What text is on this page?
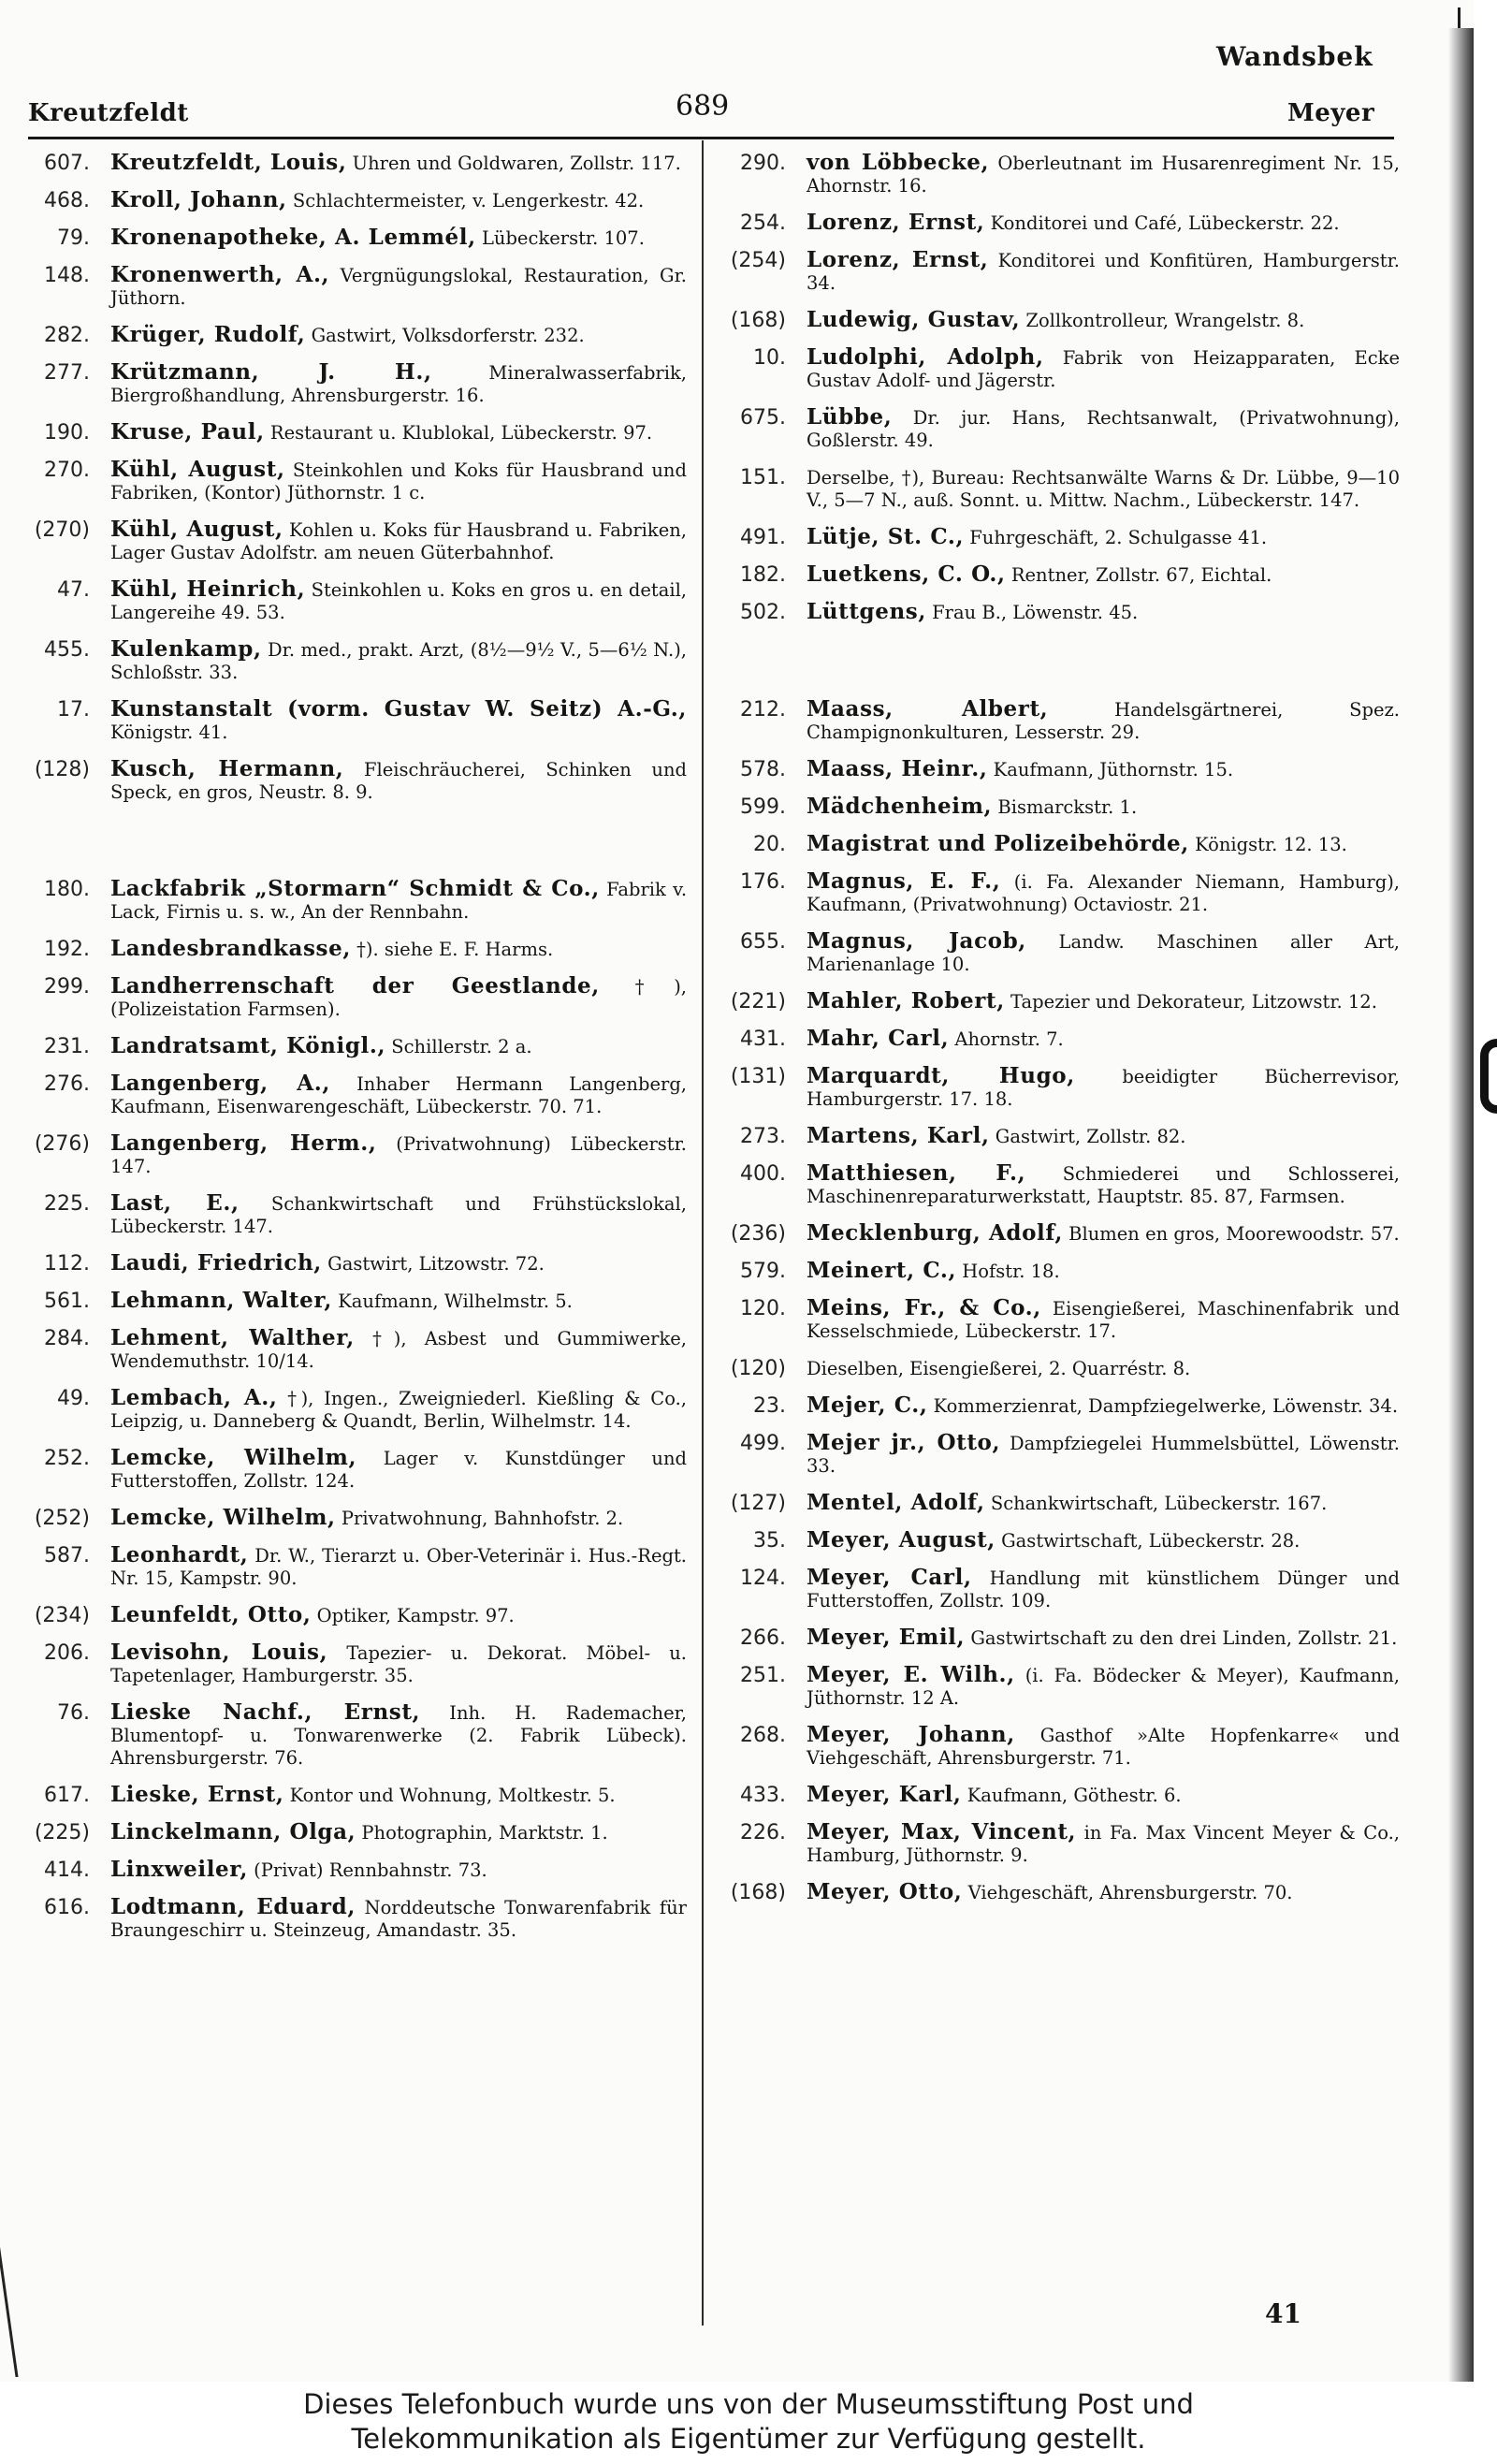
Kreutzfeldt	689
Wandsbek
Meyer
607. Kreutzfeldt, Louis, Uhren und Goldwaren, Zollstr. 117.
468. Kroll, Johann, Schlachtermeister, v. Lengerkestr. 42.
79. Kronenapotheke, A. Lemmél, Lübeckerstr. 107.
148. Kronenwerth, A., Vergnügungslokal, Restauration, Gr. Jüthorn.
282. Krüger, Rudolf, Gastwirt, Volksdorferstr. 232.
277. Krützmann, J. H.,	Mineralwasserfabrik, Biergroßhandlung, Ahrensburgerstr. 16.
190. Kruse, Paul, Restaurant u. Klublokal, Lübeckerstr. 97.
270. Kühl, August, Steinkohlen und Koks für Hausbrand und Fabriken, (Kontor) Jüthornstr. 1 c.
(270) Kühl, August, Kohlen u. Koks für Hausbrand u. Fabriken, Lager Gustav Adolfstr. am neuen Güterbahnhof.
47. Kühl, Heinrich, Steinkohlen u. Koks en gros u. en detail, Langereihe 49. 53.
455. Kulenkamp, Dr. med., prakt. Arzt, (8½—9½ V., 5—6½ N.), Schloßstr. 33.
17. Kunstanstalt (vorm. Gustav W. Seitz) A.-G., Königstr. 41.
(128) Kusch, Hermann, Fleischräucherei, Schinken und Speck, en gros, Neustr. 8. 9.
180. Lackfabrik „Stormarn“ Schmidt & Co., Fabrik v. Lack, Firnis u. s. w., An der Rennbahn.
192. Landesbrandkasse, †). siehe E. F. Harms.
299. Landherrenschaft der Geestlande, †), (Polizeistation Farmsen).
231. Landratsamt, Königl., Schillerstr. 2 a.
276. Langenberg, A., Inhaber Hermann Langenberg, Kaufmann, Eisenwarengeschäft, Lübeckerstr. 70. 71.
(276) Langenberg, Herm., (Privatwohnung) Lübeckerstr. 147.
225. Last, E., Schankwirtschaft und Frühstückslokal, Lübeckerstr. 147.
112. Laudi, Friedrich, Gastwirt, Litzowstr. 72.
561. Lehmann, Walter, Kaufmann, Wilhelmstr. 5.
284. Lehment, Walther, †), Asbest und Gummiwerke, Wendemuthstr. 10/14.
49. Lembach, A., †), Ingen., Zweigniederl. Kießling & Co., Leipzig, u. Danneberg & Quandt, Berlin, Wilhelmstr. 14.
252. Lemcke, Wilhelm, Lager v. Kunstdünger und Futterstoffen, Zollstr. 124.
(252) Lemcke, Wilhelm, Privatwohnung, Bahnhofstr. 2.
587. Leonhardt, Dr. W., Tierarzt u. Ober-Veterinär i. Hus.-Regt. Nr. 15, Kampstr. 90.
(234) Leunfeldt, Otto, Optiker, Kampstr. 97.
206. Levisohn, Louis, Tapezier- u. Dekorat. Möbel- u. Tapetenlager, Hamburgerstr. 35.
76. Lieske Nachf., Ernst, Inh. H. Rademacher, Blumentopf- u. Tonwarenwerke (2. Fabrik Lübeck). Ahrensburgerstr. 76.
617. Lieske, Ernst, Kontor und Wohnung, Moltkestr. 5.
(225) Linckelmann, Olga, Photographin, Marktstr. 1.
414. Linxweiler, (Privat) Rennbahnstr. 73.
616. Lodtmann, Eduard, Norddeutsche Tonwarenfabrik für Braungeschirr u. Steinzeug, Amandastr. 35.
290. von Löbbecke, Oberleutnant im Husarenregiment Nr. 15, Ahornstr. 16.
254. Lorenz, Ernst, Konditorei und Café, Lübeckerstr. 22.
(254) Lorenz, Ernst, Konditorei und Konfitüren, Hamburgerstr. 34.
(168) Ludewig, Gustav, Zollkontrolleur, Wrangelstr. 8.
10. Ludolphi, Adolph, Fabrik von Heizapparaten, Ecke Gustav Adolf- und Jägerstr.
675. Lübbe, Dr. jur. Hans, Rechtsanwalt, (Privatwohnung), Goßlerstr. 49.
151. Derselbe, †), Bureau: Rechtsanwälte Warns & Dr. Lübbe, 9—10 V., 5—7 N., auß. Sonnt. u. Mittw. Nachm., Lübeckerstr. 147.
491. Lütje, St. C., Fuhrgeschäft, 2. Schulgasse 41.
182. Luetkens, C. O., Rentner, Zollstr. 67, Eichtal.
502. Lüttgens, Frau B., Löwenstr. 45.
212. Maass, Albert,	Handelsgärtnerei, Spez. Champignonkulturen, Lesserstr. 29.
578. Maass, Heinr., Kaufmann, Jüthornstr. 15.
599. Mädchenheim, Bismarckstr. 1.
20. Magistrat und Polizeibehörde, Königstr. 12. 13.
176. Magnus, E. F., (i. Fa. Alexander Niemann, Hamburg), Kaufmann, (Privatwohnung) Octaviostr. 21.
655. Magnus, Jacob, Landw. Maschinen aller Art, Marienanlage 10.
(221) Mahler, Robert, Tapezier und Dekorateur, Litzowstr. 12.
431. Mahr, Carl, Ahornstr. 7.
(131) Marquardt, Hugo,	beeidigter Bücherrevisor, Hamburgerstr. 17. 18.
273. Martens, Karl, Gastwirt, Zollstr. 82.
400. Matthiesen, F., Schmiederei und Schlosserei, Maschinenreparaturwerkstatt, Hauptstr. 85. 87, Farmsen.
(236) Mecklenburg, Adolf, Blumen en gros, Moorewoodstr. 57.
579. Meinert, C., Hofstr. 18.
120. Meins, Fr., & Co., Eisengießerei, Maschinenfabrik und Kesselschmiede, Lübeckerstr. 17.
(120) Dieselben, Eisengießerei, 2. Quarréstr. 8.
23. Mejer, C., Kommerzienrat, Dampfziegelwerke, Löwenstr. 34.
499. Mejer jr., Otto, Dampfziegelei Hummelsbüttel, Löwenstr. 33.
(127) Mentel, Adolf, Schankwirtschaft, Lübeckerstr. 167.
35. Meyer, August, Gastwirtschaft, Lübeckerstr. 28.
124. Meyer, Carl, Handlung mit künstlichem Dünger und Futterstoffen, Zollstr. 109.
266. Meyer, Emil, Gastwirtschaft zu den drei Linden, Zollstr. 21.
251. Meyer, E. Wilh., (i. Fa. Bödecker & Meyer), Kaufmann, Jüthornstr. 12 A.
268. Meyer, Johann, Gasthof »Alte Hopfenkarre« und Viehgeschäft, Ahrensburgerstr. 71.
433. Meyer, Karl, Kaufmann, Göthestr. 6.
226. Meyer, Max, Vincent, in Fa. Max Vincent Meyer & Co., Hamburg, Jüthornstr. 9.
(168) Meyer, Otto, Viehgeschäft, Ahrensburgerstr. 70.
41
Dieses Telefonbuch wurde uns von der Museumsstiftung Post und
Telekommunikation als Eigentümer zur Verfügung gestellt.
